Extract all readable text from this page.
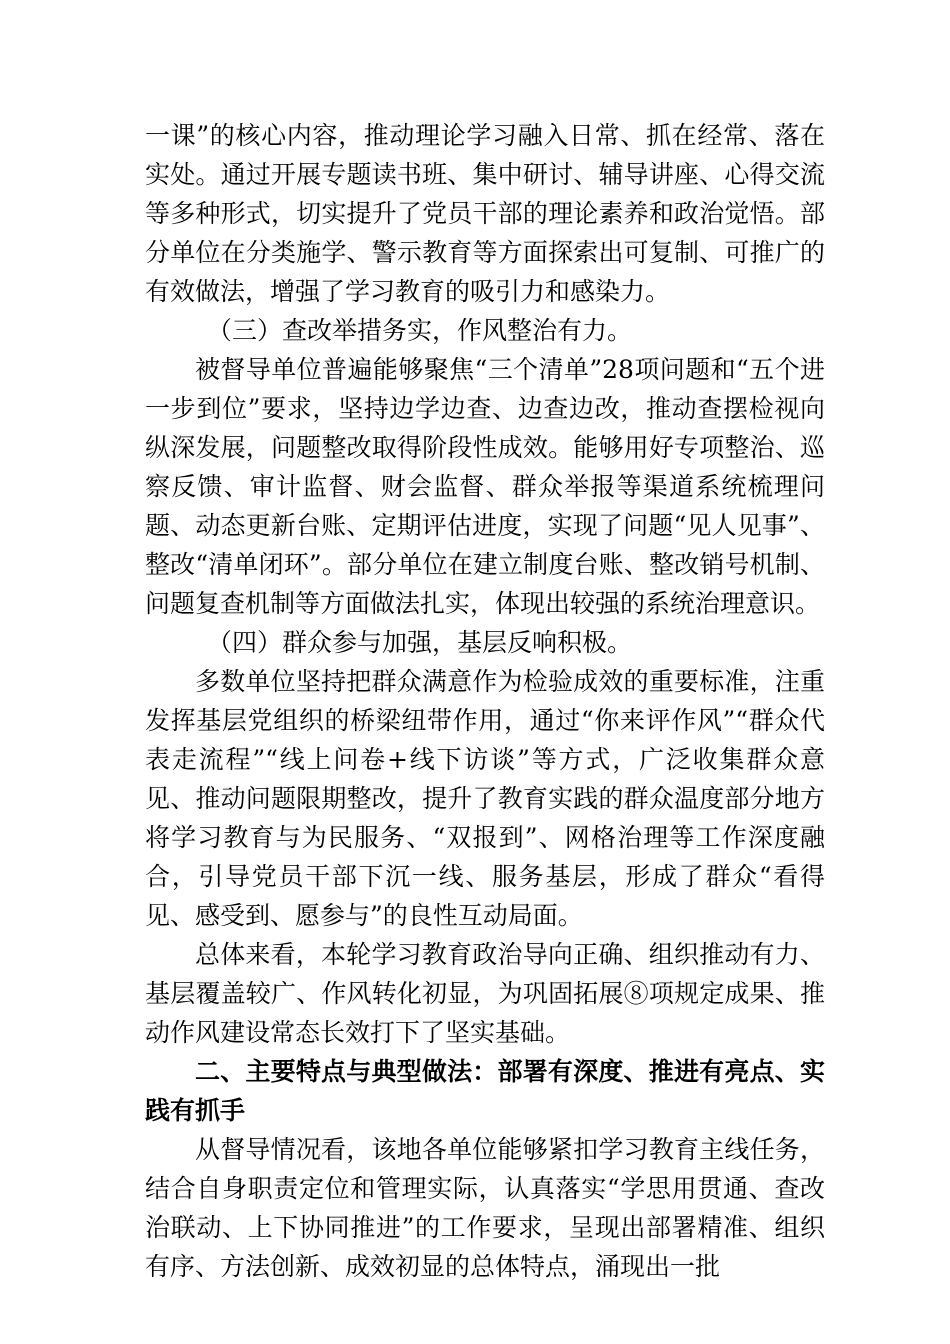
一课”的核心内容，推动理论学习融入日常、抓在经常、落在实处。通过开展专题读书班、集中研讨、辅导讲座、心得交流等多种形式，切实提升了党员干部的理论素养和政治觉悟。部分单位在分类施学、警示教育等方面探索出可复制、可推广的有效做法，增强了学习教育的吸引力和感染力。

（三）查改举措务实，作风整治有力。

被督导单位普遍能够聚焦“三个清单”28项问题和“五个进一步到位”要求，坚持边学边查、边查边改，推动查摆检视向纵深发展，问题整改取得阶段性成效。能够用好专项整治、巡察反馈、审计监督、财会监督、群众举报等渠道系统梳理问题、动态更新台账、定期评估进度，实现了问题“见人见事”、整改“清单闭环”。部分单位在建立制度台账、整改销号机制、问题复查机制等方面做法扎实，体现出较强的系统治理意识。

（四）群众参与加强，基层反响积极。

多数单位坚持把群众满意作为检验成效的重要标准，注重发挥基层党组织的桥梁纽带作用，通过“你来评作风”“群众代表走流程”“线上问卷+线下访谈”等方式，广泛收集群众意见、推动问题限期整改，提升了教育实践的群众温度部分地方将学习教育与为民服务、“双报到”、网格治理等工作深度融合，引导党员干部下沉一线、服务基层，形成了群众“看得见、感受到、愿参与”的良性互动局面。

总体来看，本轮学习教育政治导向正确、组织推动有力、基层覆盖较广、作风转化初显，为巩固拓展⑧项规定成果、推动作风建设常态长效打下了坚实基础。

二、主要特点与典型做法：部署有深度、推进有亮点、实践有抓手

从督导情况看，该地各单位能够紧扣学习教育主线任务，结合自身职责定位和管理实际，认真落实“学思用贯通、查改治联动、上下协同推进”的工作要求，呈现出部署精准、组织有序、方法创新、成效初显的总体特点，涌现出一批
